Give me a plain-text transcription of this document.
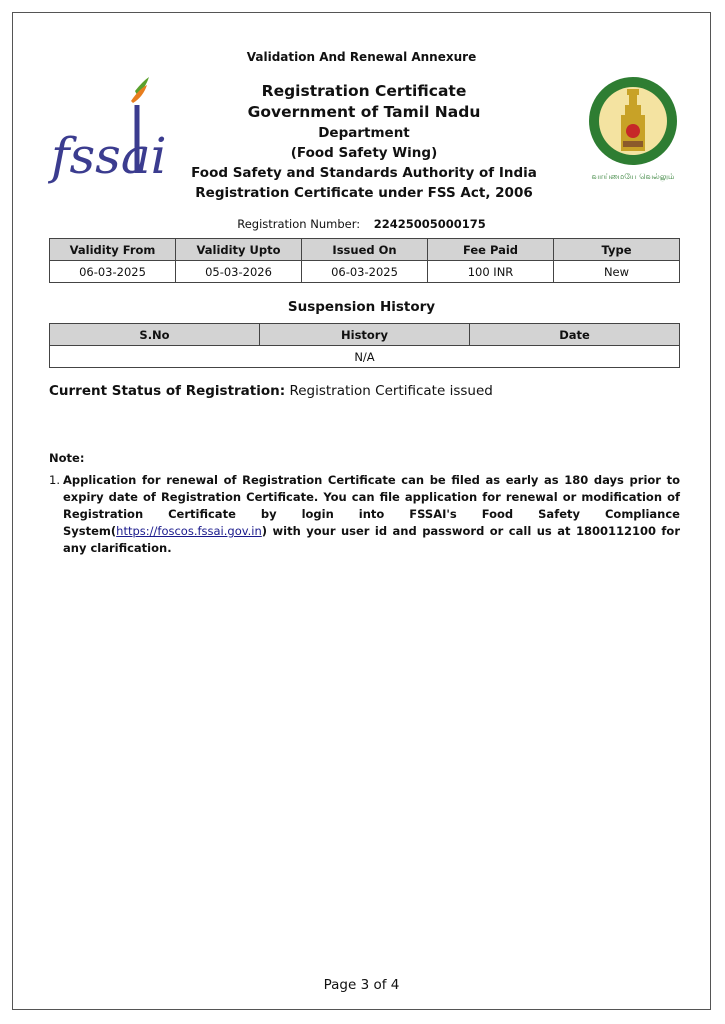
Validation And Renewal Annexure
fssai	வாய்மையே வெல்லும்
Registration Certificate
Government of Tamil Nadu
Department
(Food Safety Wing)
Food Safety and Standards Authority of India
Registration Certificate under FSS Act, 2006
Registration Number: 22425005000175
Validity From	Validity Upto	Issued On	Fee Paid	Type
06-03-2025	05-03-2026	06-03-2025	100 INR	New
Suspension History
S.No	History	Date
N/A
Current Status of Registration: Registration Certificate issued
Note:
1. Application for renewal of Registration Certificate can be filed as early as 180 days prior to expiry date of Registration Certificate. You can file application for renewal or modification of Registration Certificate by login into FSSAI's Food Safety Compliance System(https://foscos.fssai.gov.in) with your user id and password or call us at 1800112100 for any clarification.
Page 3 of 4
